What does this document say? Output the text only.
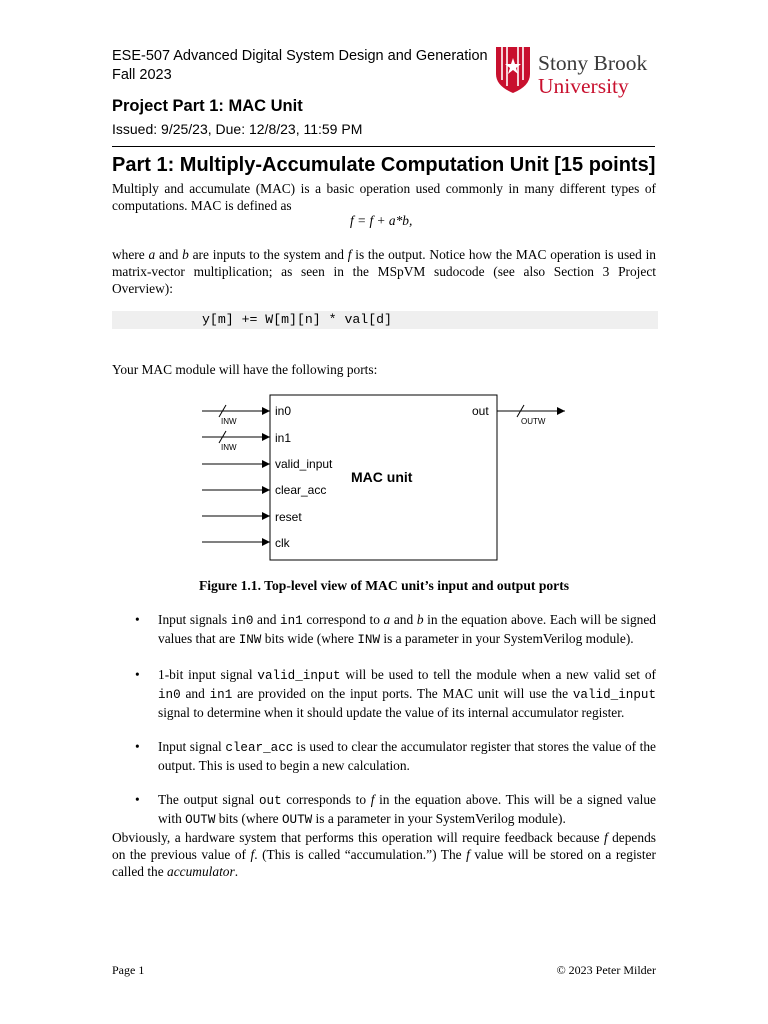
ESE-507 Advanced Digital System Design and Generation
Fall 2023	Stony Brook
University
Project Part 1: MAC Unit
Issued: 9/25/23, Due: 12/8/23, 11:59 PM
Part 1: Multiply-Accumulate Computation Unit [15 points]
Multiply and accumulate (MAC) is a basic operation used commonly in many different types of computations. MAC is defined as
f = f + a*b,
where a and b are inputs to the system and f is the output. Notice how the MAC operation is used in matrix-vector multiplication; as seen in the MSpVM sudocode (see also Section 3 Project Overview):
y[m] += W[m][n] * val[d]
Your MAC module will have the following ports:
MAC unit
INW
INW
in0
in1
valid_input
clear_acc
reset
clk
out
OUTW
Figure 1.1. Top-level view of MAC unit’s input and output ports
• Input signals in0 and in1 correspond to a and b in the equation above. Each will be signed values that are INW bits wide (where INW is a parameter in your SystemVerilog module).
• 1-bit input signal valid_input will be used to tell the module when a new valid set of in0 and in1 are provided on the input ports. The MAC unit will use the valid_input signal to determine when it should update the value of its internal accumulator register.
• Input signal clear_acc is used to clear the accumulator register that stores the value of the output. This is used to begin a new calculation.
• The output signal out corresponds to f in the equation above. This will be a signed value with OUTW bits (where OUTW is a parameter in your SystemVerilog module).
Obviously, a hardware system that performs this operation will require feedback because f depends on the previous value of f. (This is called “accumulation.”) The f value will be stored on a register called the accumulator.
Page 1	© 2023 Peter Milder
